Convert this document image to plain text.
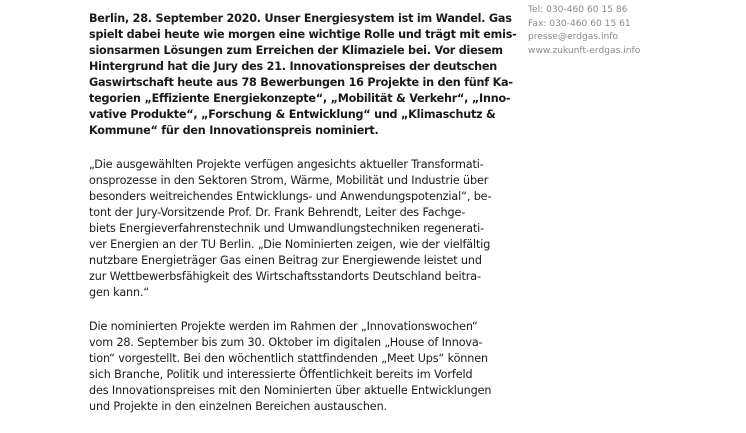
Tel: 030-460 60 15 86
Fax: 030-460 60 15 61
presse@erdgas.info
www.zukunft-erdgas.info
Berlin, 28. September 2020. Unser Energiesystem ist im Wandel. Gas
spielt dabei heute wie morgen eine wichtige Rolle und trägt mit emis-
sionsarmen Lösungen zum Erreichen der Klimaziele bei. Vor diesem
Hintergrund hat die Jury des 21. Innovationspreises der deutschen
Gaswirtschaft heute aus 78 Bewerbungen 16 Projekte in den fünf Ka-
tegorien „Effiziente Energiekonzepte“, „Mobilität & Verkehr“, „Inno-
vative Produkte“, „Forschung & Entwicklung“ und „Klimaschutz &
Kommune“ für den Innovationspreis nominiert.
„Die ausgewählten Projekte verfügen angesichts aktueller Transformati-
onsprozesse in den Sektoren Strom, Wärme, Mobilität und Industrie über
besonders weitreichendes Entwicklungs- und Anwendungspotenzial“, be-
tont der Jury-Vorsitzende Prof. Dr. Frank Behrendt, Leiter des Fachge-
biets Energieverfahrenstechnik und Umwandlungstechniken regenerati-
ver Energien an der TU Berlin. „Die Nominierten zeigen, wie der vielfältig
nutzbare Energieträger Gas einen Beitrag zur Energiewende leistet und
zur Wettbewerbsfähigkeit des Wirtschaftsstandorts Deutschland beitra-
gen kann.“
Die nominierten Projekte werden im Rahmen der „Innovationswochen“
vom 28. September bis zum 30. Oktober im digitalen „House of Innova-
tion“ vorgestellt. Bei den wöchentlich stattfindenden „Meet Ups“ können
sich Branche, Politik und interessierte Öffentlichkeit bereits im Vorfeld
des Innovationspreises mit den Nominierten über aktuelle Entwicklungen
und Projekte in den einzelnen Bereichen austauschen.
